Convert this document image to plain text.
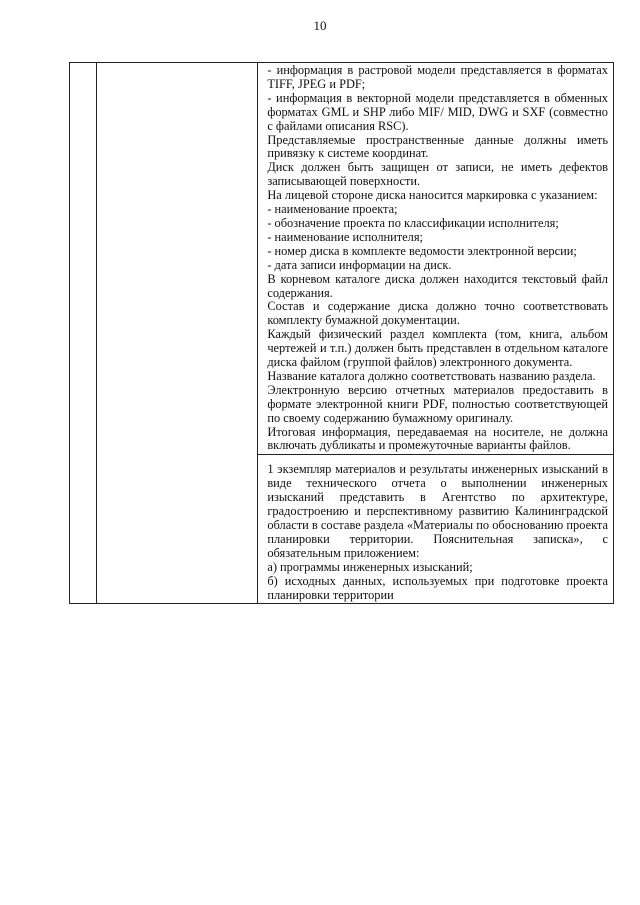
10

- информация в растровой модели представляется в форматах TIFF, JPEG и PDF;

- информация в векторной модели представляется в обменных форматах GML и SHP либо MIF/ MID, DWG и SXF (совместно с файлами описания RSC).

Представляемые пространственные данные должны иметь привязку к системе координат.

Диск должен быть защищен от записи, не иметь дефектов записывающей поверхности.

На лицевой стороне диска наносится маркировка с указанием:

- наименование проекта;

- обозначение проекта по классификации исполнителя;

- наименование исполнителя;

- номер диска в комплекте ведомости электронной версии;

- дата записи информации на диск.

В корневом каталоге диска должен находится текстовый файл содержания.

Состав и содержание диска должно точно соответствовать комплекту бумажной документации.

Каждый физический раздел комплекта (том, книга, альбом чертежей и т.п.) должен быть представлен в отдельном каталоге диска файлом (группой файлов) электронного документа.

Название каталога должно соответствовать названию раздела.

Электронную версию отчетных материалов предоставить в формате электронной книги PDF, полностью соответствующей по своему содержанию бумажному оригиналу.

Итоговая информация, передаваемая на носителе, не должна включать дубликаты и промежуточные варианты файлов.

1 экземпляр материалов и результаты инженерных изысканий в виде технического отчета о выполнении инженерных изысканий представить в Агентство по архитектуре, градостроению и перспективному развитию Калининградской области в составе раздела «Материалы по обоснованию проекта планировки территории. Пояснительная записка», с обязательным приложением:

а) программы инженерных изысканий;

б) исходных данных, используемых при подготовке проекта планировки территории
